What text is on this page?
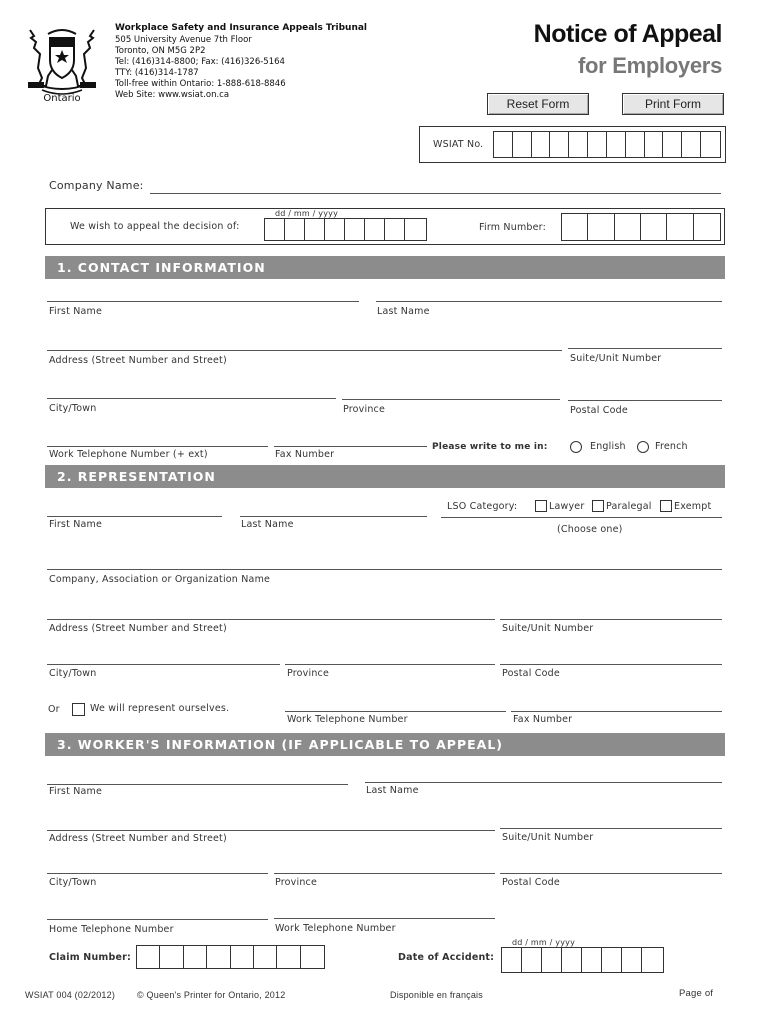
Ontario
Workplace Safety and Insurance Appeals Tribunal
505 University Avenue 7th Floor
Toronto, ON M5G 2P2
Tel: (416)314-8800; Fax: (416)326-5164
TTY: (416)314-1787
Toll-free within Ontario: 1-888-618-8846
Web Site: www.wsiat.on.ca
Notice of Appeal
for Employers
Reset Form	Print Form
WSIAT No.
Company Name:
We wish to appeal the decision of:
dd / mm / yyyy
Firm Number:
1. CONTACT INFORMATION
First Name	Last Name
Address (Street Number and Street)	Suite/Unit Number
City/Town	Province	Postal Code
Work Telephone Number (+ ext)	Fax Number
Please write to me in:	English	French
2. REPRESENTATION
LSO Category:	Lawyer Paralegal Exempt
(Choose one)
First Name	Last Name
Company, Association or Organization Name
Address (Street Number and Street)	Suite/Unit Number
City/Town	Province	Postal Code
Or	We will represent ourselves.
Work Telephone Number	Fax Number
3. WORKER'S INFORMATION (IF APPLICABLE TO APPEAL)
First Name	Last Name
Address (Street Number and Street)	Suite/Unit Number
City/Town	Province	Postal Code
Home Telephone Number	Work Telephone Number
Claim Number:	Date of Accident:
dd / mm / yyyy
WSIAT 004 (02/2012) © Queen's Printer for Ontario, 2012	Disponible en français	Page of
